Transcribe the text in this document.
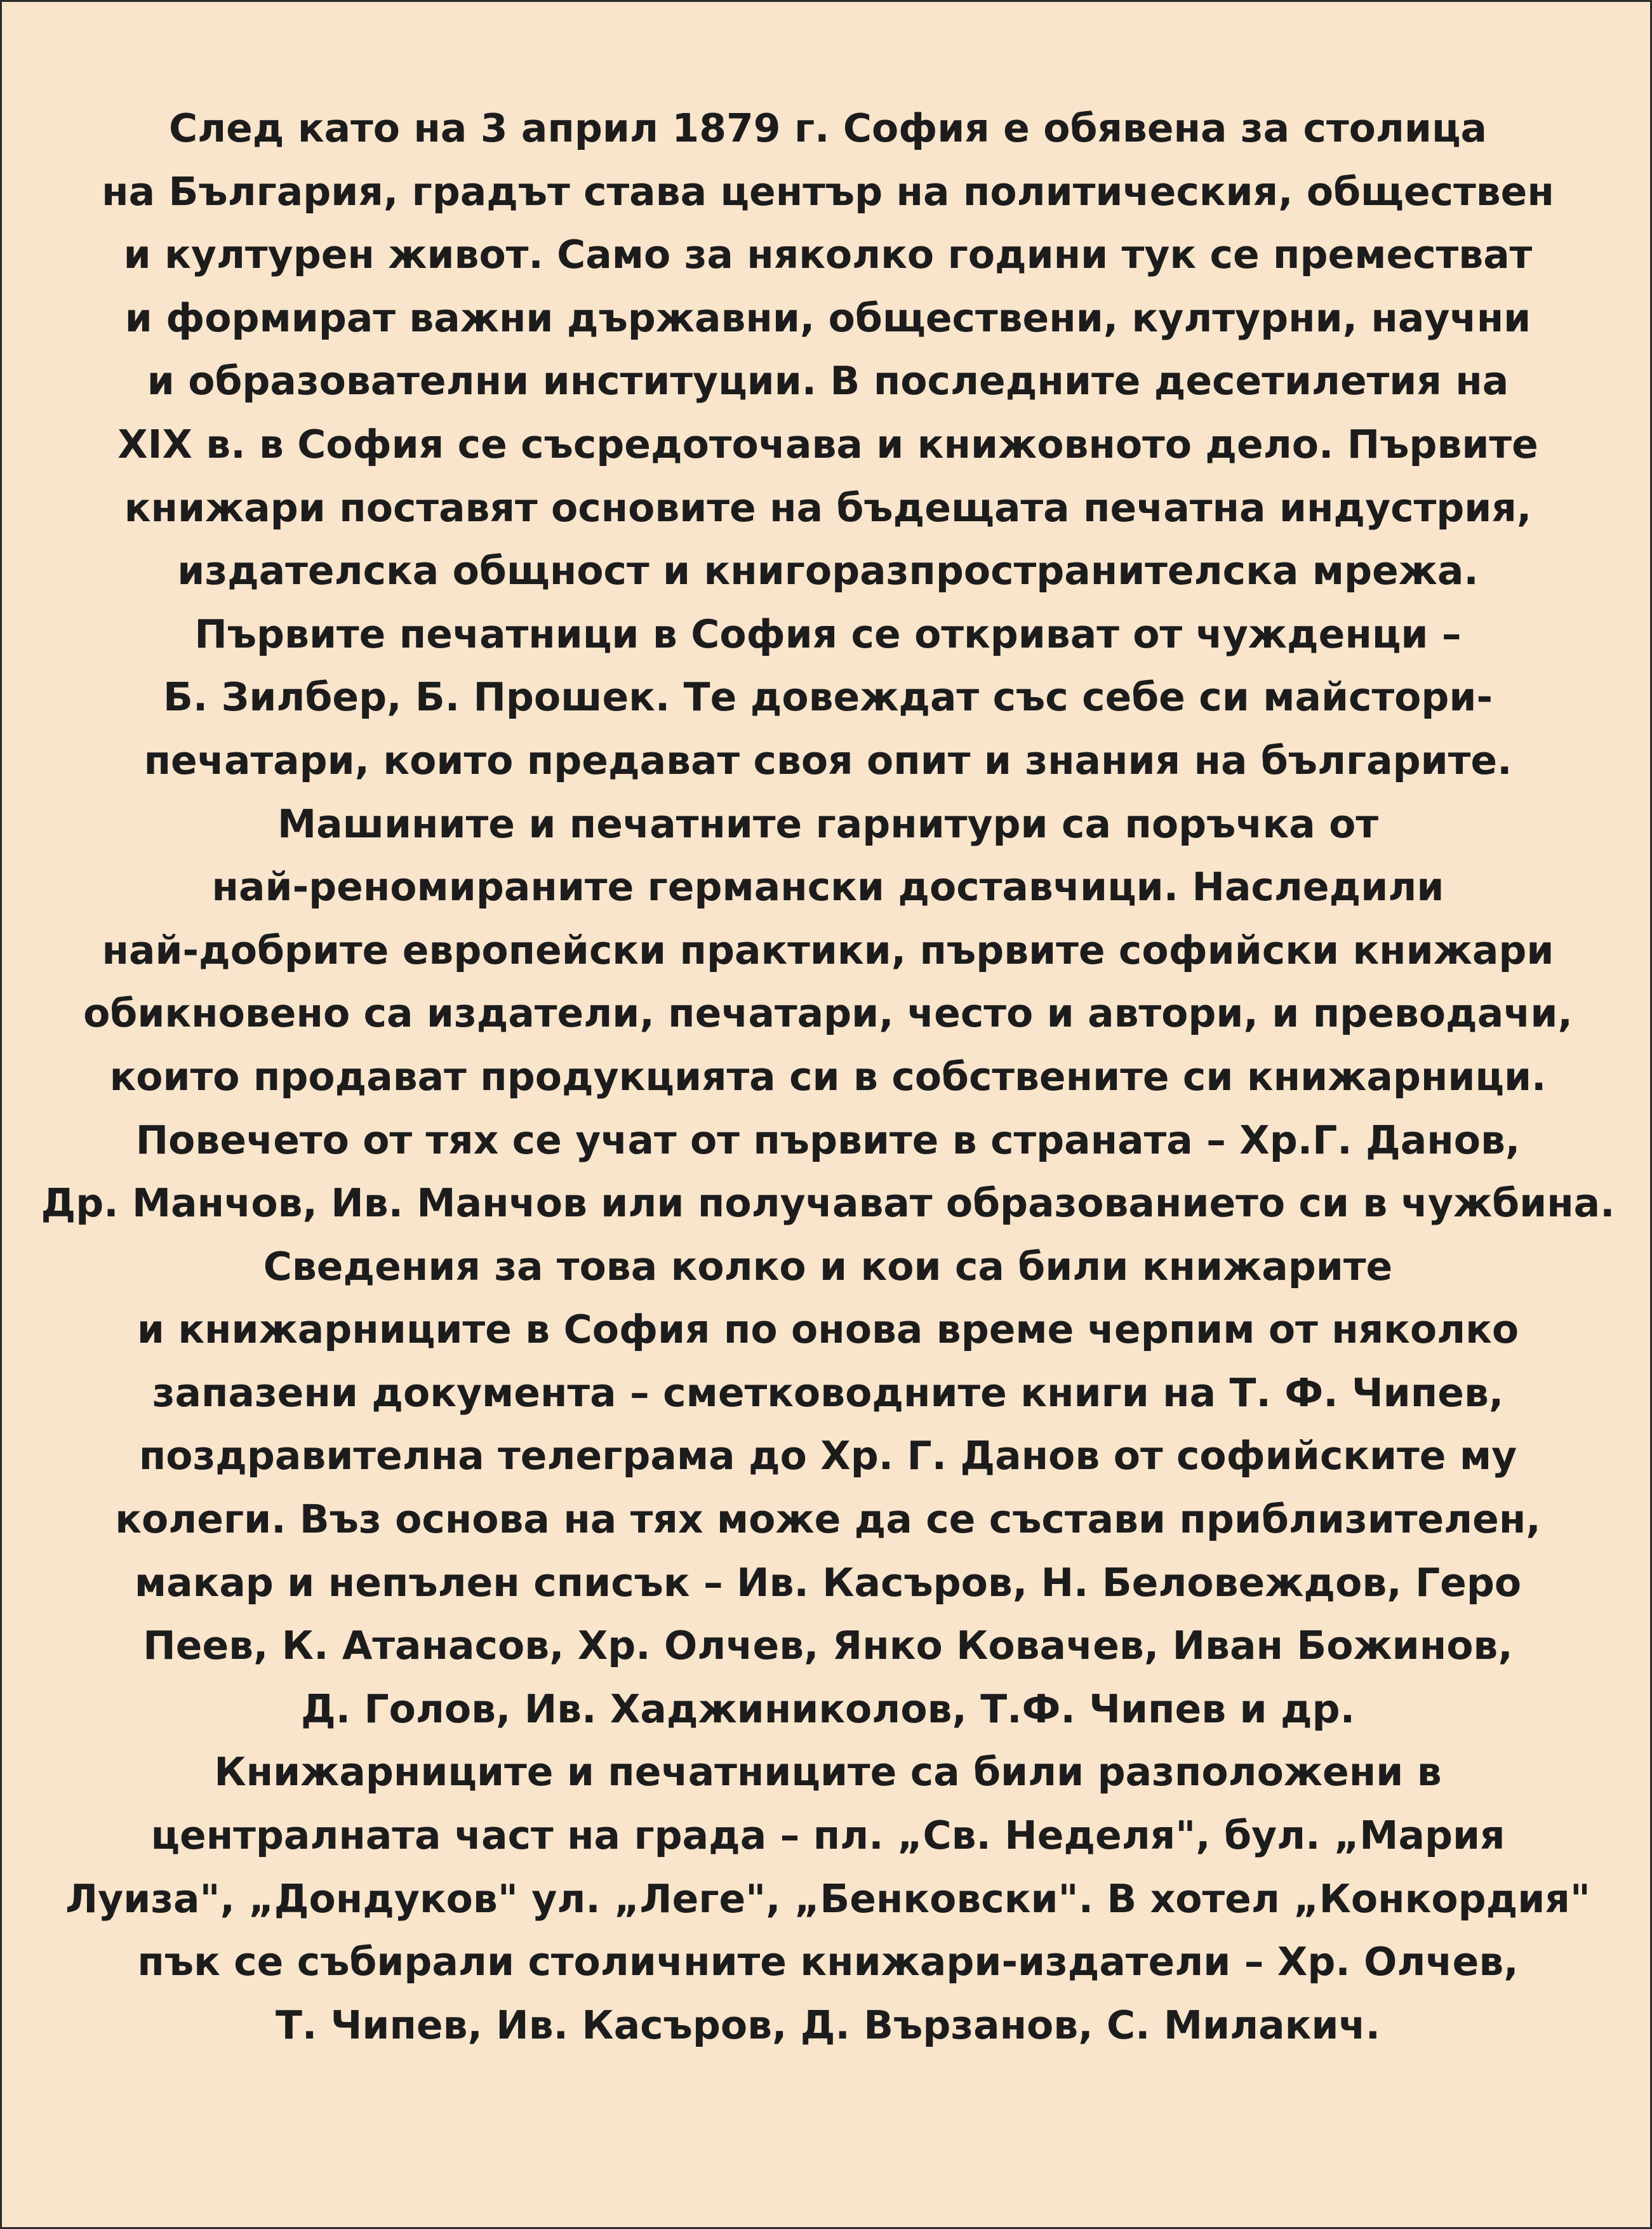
След като на 3 април 1879 г. София е обявена за столица
на България, градът става център на политическия, обществен
и културен живот. Само за няколко години тук се преместват
и формират важни държавни, обществени, културни, научни
и образователни институции. В последните десетилетия на
XIX в. в София се съсредоточава и книжовното дело. Първите
книжари поставят основите на бъдещата печатна индустрия,
издателска общност и книгоразпространителска мрежа.
Първите печатници в София се откриват от чужденци –
Б. Зилбер, Б. Прошек. Те довеждат със себе си майстори-
печатари, които предават своя опит и знания на българите.
Машините и печатните гарнитури са поръчка от
най-реномираните германски доставчици. Наследили
най-добрите европейски практики, първите софийски книжари
обикновено са издатели, печатари, често и автори, и преводачи,
които продават продукцията си в собствените си книжарници.
Повечето от тях се учат от първите в страната – Хр.Г. Данов,
Др. Манчов, Ив. Манчов или получават образованието си в чужбина.
Сведения за това колко и кои са били книжарите
и книжарниците в София по онова време черпим от няколко
запазени документа – сметководните книги на Т. Ф. Чипев,
поздравителна телеграма до Хр. Г. Данов от софийските му
колеги. Въз основа на тях може да се състави приблизителен,
макар и непълен списък – Ив. Касъров, Н. Беловеждов, Геро
Пеев, К. Атанасов, Хр. Олчев, Янко Ковачев, Иван Божинов,
Д. Голов, Ив. Хаджиниколов, Т.Ф. Чипев и др.
Книжарниците и печатниците са били разположени в
централната част на града – пл. „Св. Неделя", бул. „Мария
Луиза", „Дондуков" ул. „Леге", „Бенковски". В хотел „Конкордия"
пък се събирали столичните книжари-издатели – Хр. Олчев,
Т. Чипев, Ив. Касъров, Д. Вързанов, С. Милакич.
